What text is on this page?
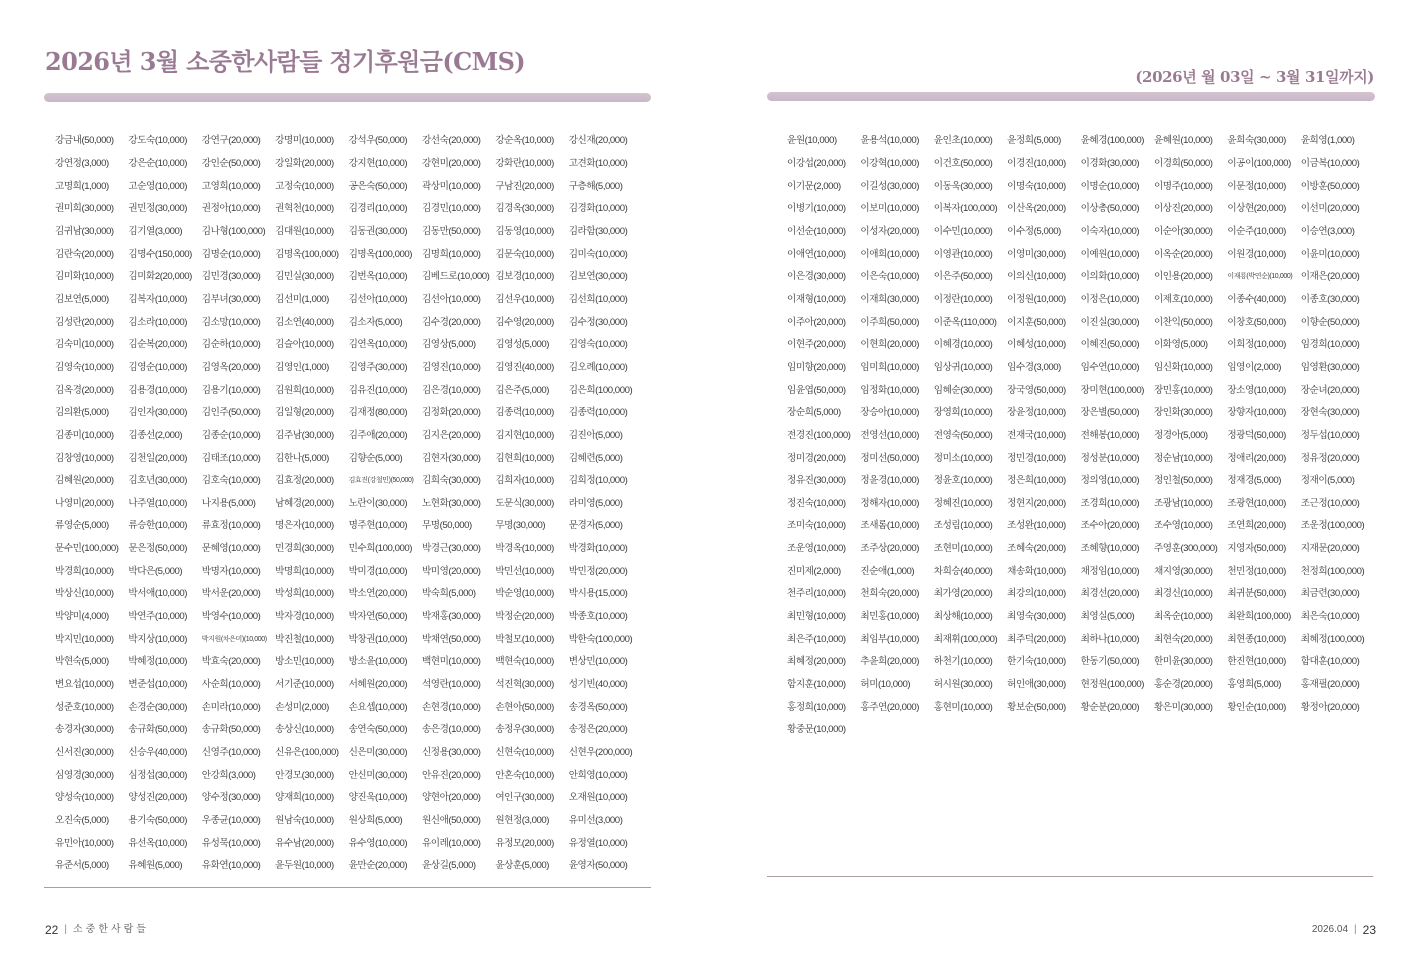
2026년 3월 소중한사람들 정기후원금(CMS)
강금내(50,000)	강도숙(10,000)	강연구(20,000)	강명미(10,000)	강석우(50,000)	강선숙(20,000)	강순옥(10,000)	강신재(20,000)
강연정(3,000)	강은순(10,000)	강인순(50,000)	강일화(20,000)	강지현(10,000)	강현미(20,000)	강화란(10,000)	고견화(10,000)
고명희(1,000)	고순영(10,000)	고영희(10,000)	고정숙(10,000)	공은숙(50,000)	곽상미(10,000)	구남진(20,000)	구층해(5,000)
권미희(30,000)	권민정(30,000)	권정아(10,000)	권혁천(10,000)	김경리(10,000)	김경민(10,000)	김경옥(30,000)	김경화(10,000)
김귀남(30,000)	김기열(3,000)	김나형(100,000)	김대원(10,000)	김동권(30,000)	김동만(50,000)	김동영(10,000)	김라함(30,000)
김란숙(20,000)	김명수(150,000)	김명순(10,000)	김명옥(100,000)	김명옥(100,000)	김명희(10,000)	김문숙(10,000)	김미숙(10,000)
김미화(10,000)	김미화2(20,000)	김민경(30,000)	김민실(30,000)	김번옥(10,000)	김베드로(10,000) 김보경(10,000)	김보연(30,000)
김보연(5,000)	김복자(10,000)	김부녀(30,000)	김선미(1,000)	김선아(10,000)	김선아(10,000)	김선우(10,000)	김선희(10,000)
김성란(20,000)	김소라(10,000)	김소망(10,000)	김소연(40,000)	김소자(5,000)	김수경(20,000)	김수영(20,000)	김수정(30,000)
김숙미(10,000)	김순복(20,000)	김순하(10,000)	김슬아(10,000)	김연옥(10,000)	김영상(5,000)	김영성(5,000)	김영숙(10,000)
김영숙(10,000)	김영순(10,000)	김영옥(20,000)	김영인(1,000)	김영주(30,000)	김영진(10,000)	김영진(40,000)	김오례(10,000)
김옥경(20,000)	김용경(10,000)	김용기(10,000)	김원희(10,000)	김유진(10,000)	김은경(10,000)	김은주(5,000)	김은희(100,000)
김의환(5,000)	김인자(30,000)	김인주(50,000)	김일형(20,000)	김재정(80,000)	김정화(20,000)	김종력(10,000)	김종력(10,000)
김종미(10,000)	김종선(2,000)	김종순(10,000)	김주남(30,000)	김주애(20,000)	김지은(20,000)	김지현(10,000)	김진아(5,000)
김창영(10,000)	김천일(20,000)	김태조(10,000)	김한나(5,000)	김향순(5,000)	김현자(30,000)	김현희(10,000)	김혜련(5,000)
김혜원(20,000)	김호년(30,000)	김호숙(10,000)	김효정(20,000)	김효진(강철민)(50,000) 김희숙(30,000)	김희자(10,000)	김희정(10,000)
나영미(20,000)	나주열(10,000)	나지용(5,000)	남혜경(20,000)	노란이(30,000)	노현화(30,000)	도문식(30,000)	라미영(5,000)
류영순(5,000)	류승한(10,000)	류효정(10,000)	명은자(10,000)	명주현(10,000)	무명(50,000)	무명(30,000)	문경자(5,000)
문수민(100,000)	문은정(50,000)	문혜영(10,000)	민경희(30,000)	민수희(100,000)	박경근(30,000)	박경옥(10,000)	박경화(10,000)
박경희(10,000)	박다은(5,000)	박명자(10,000)	박명희(10,000)	박미경(10,000)	박미영(20,000)	박민선(10,000)	박민정(20,000)
박상신(10,000)	박서애(10,000)	박서운(20,000)	박성희(10,000)	박소연(20,000)	박숙희(5,000)	박순영(10,000)	박시용(15,000)
박양미(4,000)	박연주(10,000)	박영수(10,000)	박자경(10,000)	박자연(50,000)	박재홍(30,000)	박정순(20,000)	박종호(10,000)
박지민(10,000)	박지상(10,000)	박지원(차은미)(10,000) 박진철(10,000)	박창권(10,000)	박채연(50,000)	박철모(10,000)	박한숙(100,000)
박현숙(5,000)	박혜정(10,000)	박효숙(20,000)	방소민(10,000)	방소윤(10,000)	백현미(10,000)	백현숙(10,000)	변상민(10,000)
변요섭(10,000)	변준섭(10,000)	사순희(10,000)	서기준(10,000)	서혜원(20,000)	석영란(10,000)	석진혁(30,000)	성기빈(40,000)
성준호(10,000)	손경순(30,000)	손미라(10,000)	손성미(2,000)	손요셉(10,000)	손현경(10,000)	손현아(50,000)	송경옥(50,000)
송경자(30,000)	송규화(50,000)	송규화(50,000)	송상신(10,000)	송연숙(50,000)	송은경(10,000)	송정우(30,000)	송정은(20,000)
신서진(30,000)	신승우(40,000)	신영주(10,000)	신유은(100,000)	신은미(30,000)	신정용(30,000)	신현숙(10,000)	신현우(200,000)
심영경(30,000)	심정섭(30,000)	안강희(3,000)	안경모(30,000)	안신미(30,000)	안유진(20,000)	안혼숙(10,000)	안희영(10,000)
양성숙(10,000)	양성진(20,000)	양수정(30,000)	양재희(10,000)	양진욱(10,000)	양현아(20,000)	여인구(30,000)	오재원(10,000)
오진숙(5,000)	용기숙(50,000)	우종균(10,000)	원남숙(10,000)	원상희(5,000)	원신애(50,000)	원현정(3,000)	유미선(3,000)
유민아(10,000)	유선옥(10,000)	유성묵(10,000)	유수남(20,000)	유수영(10,000)	유이레(10,000)	유정모(20,000)	유정열(10,000)
유준서(5,000)	유혜원(5,000)	유화연(10,000)	윤두원(10,000)	윤만순(20,000)	윤상길(5,000)	윤상훈(5,000)	윤영자(50,000)
22 | 소중한사람들
(2026년 월 03일 ~ 3월 31일까지)
윤원(10,000)	윤용석(10,000)	윤인초(10,000)	윤정희(5,000)	윤혜경(100,000)	윤혜원(10,000)	윤희숙(30,000)	윤희영(1,000)
이강섭(20,000)	이강혁(10,000)	이건호(50,000)	이경진(10,000)	이경화(30,000)	이경희(50,000)	이공이(100,000)	이금복(10,000)
이기문(2,000)	이길성(30,000)	이동욱(30,000)	이명숙(10,000)	이명순(10,000)	이명주(10,000)	이문정(10,000)	이방훈(50,000)
이병기(10,000)	이보미(10,000)	이복자(100,000)	이산옥(20,000)	이상총(50,000)	이상진(20,000)	이상현(20,000)	이선미(20,000)
이선순(10,000)	이성자(20,000)	이수민(10,000)	이수정(5,000)	이숙자(10,000)	이순아(30,000)	이순주(10,000)	이승연(3,000)
이애연(10,000)	이애희(10,000)	이영관(10,000)	이영미(30,000)	이예원(10,000)	이옥순(20,000)	이원경(10,000)	이윤미(10,000)
이은경(30,000)	이은숙(10,000)	이은주(50,000)	이의신(10,000)	이의화(10,000)	이인용(20,000)	이재룡(박연순)(10,000) 이재은(20,000)
이재형(10,000)	이재희(30,000)	이정란(10,000)	이정원(10,000)	이정은(10,000)	이제호(10,000)	이종수(40,000)	이종호(30,000)
이주아(20,000)	이주희(50,000)	이준옥(110,000)	이지훈(50,000)	이진실(30,000)	이찬익(50,000)	이창호(50,000)	이향순(50,000)
이현주(20,000)	이현희(20,000)	이혜경(10,000)	이혜성(10,000)	이혜진(50,000)	이화영(5,000)	이희정(10,000)	임경희(10,000)
임미향(20,000)	임미희(10,000)	임상귀(10,000)	임수경(3,000)	임수연(10,000)	임신화(10,000)	임영이(2,000)	임영환(30,000)
임윤엽(50,000)	임정화(10,000)	임혜순(30,000)	장국영(50,000)	장미현(100,000)	장민홍(10,000)	장소영(10,000)	장순녀(20,000)
장순희(5,000)	장승아(10,000)	장영희(10,000)	장윤정(10,000)	장은별(50,000)	장인화(30,000)	장향자(10,000)	장현숙(30,000)
전경진(100,000)	전영선(10,000)	전영숙(50,000)	전재국(10,000)	전해봉(10,000)	정경아(5,000)	정광덕(50,000)	정두섭(10,000)
정미경(20,000)	정미선(50,000)	정미소(10,000)	정민경(10,000)	정성분(10,000)	정순남(10,000)	정애리(20,000)	정유정(20,000)
정유진(30,000)	정윤경(10,000)	정윤호(10,000)	정은희(10,000)	정의영(10,000)	정인철(50,000)	정재경(5,000)	정재이(5,000)
정진숙(10,000)	정해자(10,000)	정혜진(10,000)	정현지(20,000)	조경희(10,000)	조광남(10,000)	조광현(10,000)	조근정(10,000)
조미숙(10,000)	조새롬(10,000)	조성림(10,000)	조성완(10,000)	조수아(20,000)	조수영(10,000)	조연희(20,000)	조운정(100,000)
조운영(10,000)	조주상(20,000)	조현미(10,000)	조혜숙(20,000)	조혜향(10,000)	주영훈(300,000)	지영자(50,000)	지재문(20,000)
진미제(2,000)	진순애(1,000)	차희승(40,000)	채송화(10,000)	채정임(10,000)	채지영(30,000)	천민정(10,000)	천정희(100,000)
천주리(10,000)	천희숙(20,000)	최가영(20,000)	최강의(10,000)	최경선(20,000)	최경신(10,000)	최귀분(50,000)	최금련(30,000)
최민형(10,000)	최민홍(10,000)	최상해(10,000)	최영숙(30,000)	최영실(5,000)	최옥순(10,000)	최완희(100,000)	최은숙(10,000)
최은주(10,000)	최임부(10,000)	최재휘(100,000)	최주덕(20,000)	최하나(10,000)	최현숙(20,000)	최현종(10,000)	최혜정(100,000)
최혜정(20,000)	추윤희(20,000)	하천기(10,000)	한기숙(10,000)	한동기(50,000)	한미윤(30,000)	한진현(10,000)	함대훈(10,000)
함지훈(10,000)	허미(10,000)	허시원(30,000)	허인애(30,000)	현정원(100,000)	홍순경(20,000)	홍영희(5,000)	홍재필(20,000)
홍정희(10,000)	홍주연(20,000)	홍현미(10,000)	황보순(50,000)	황순분(20,000)	황은미(30,000)	황인순(10,000)	황정아(20,000)
황중문(10,000)
2026.04 | 23
